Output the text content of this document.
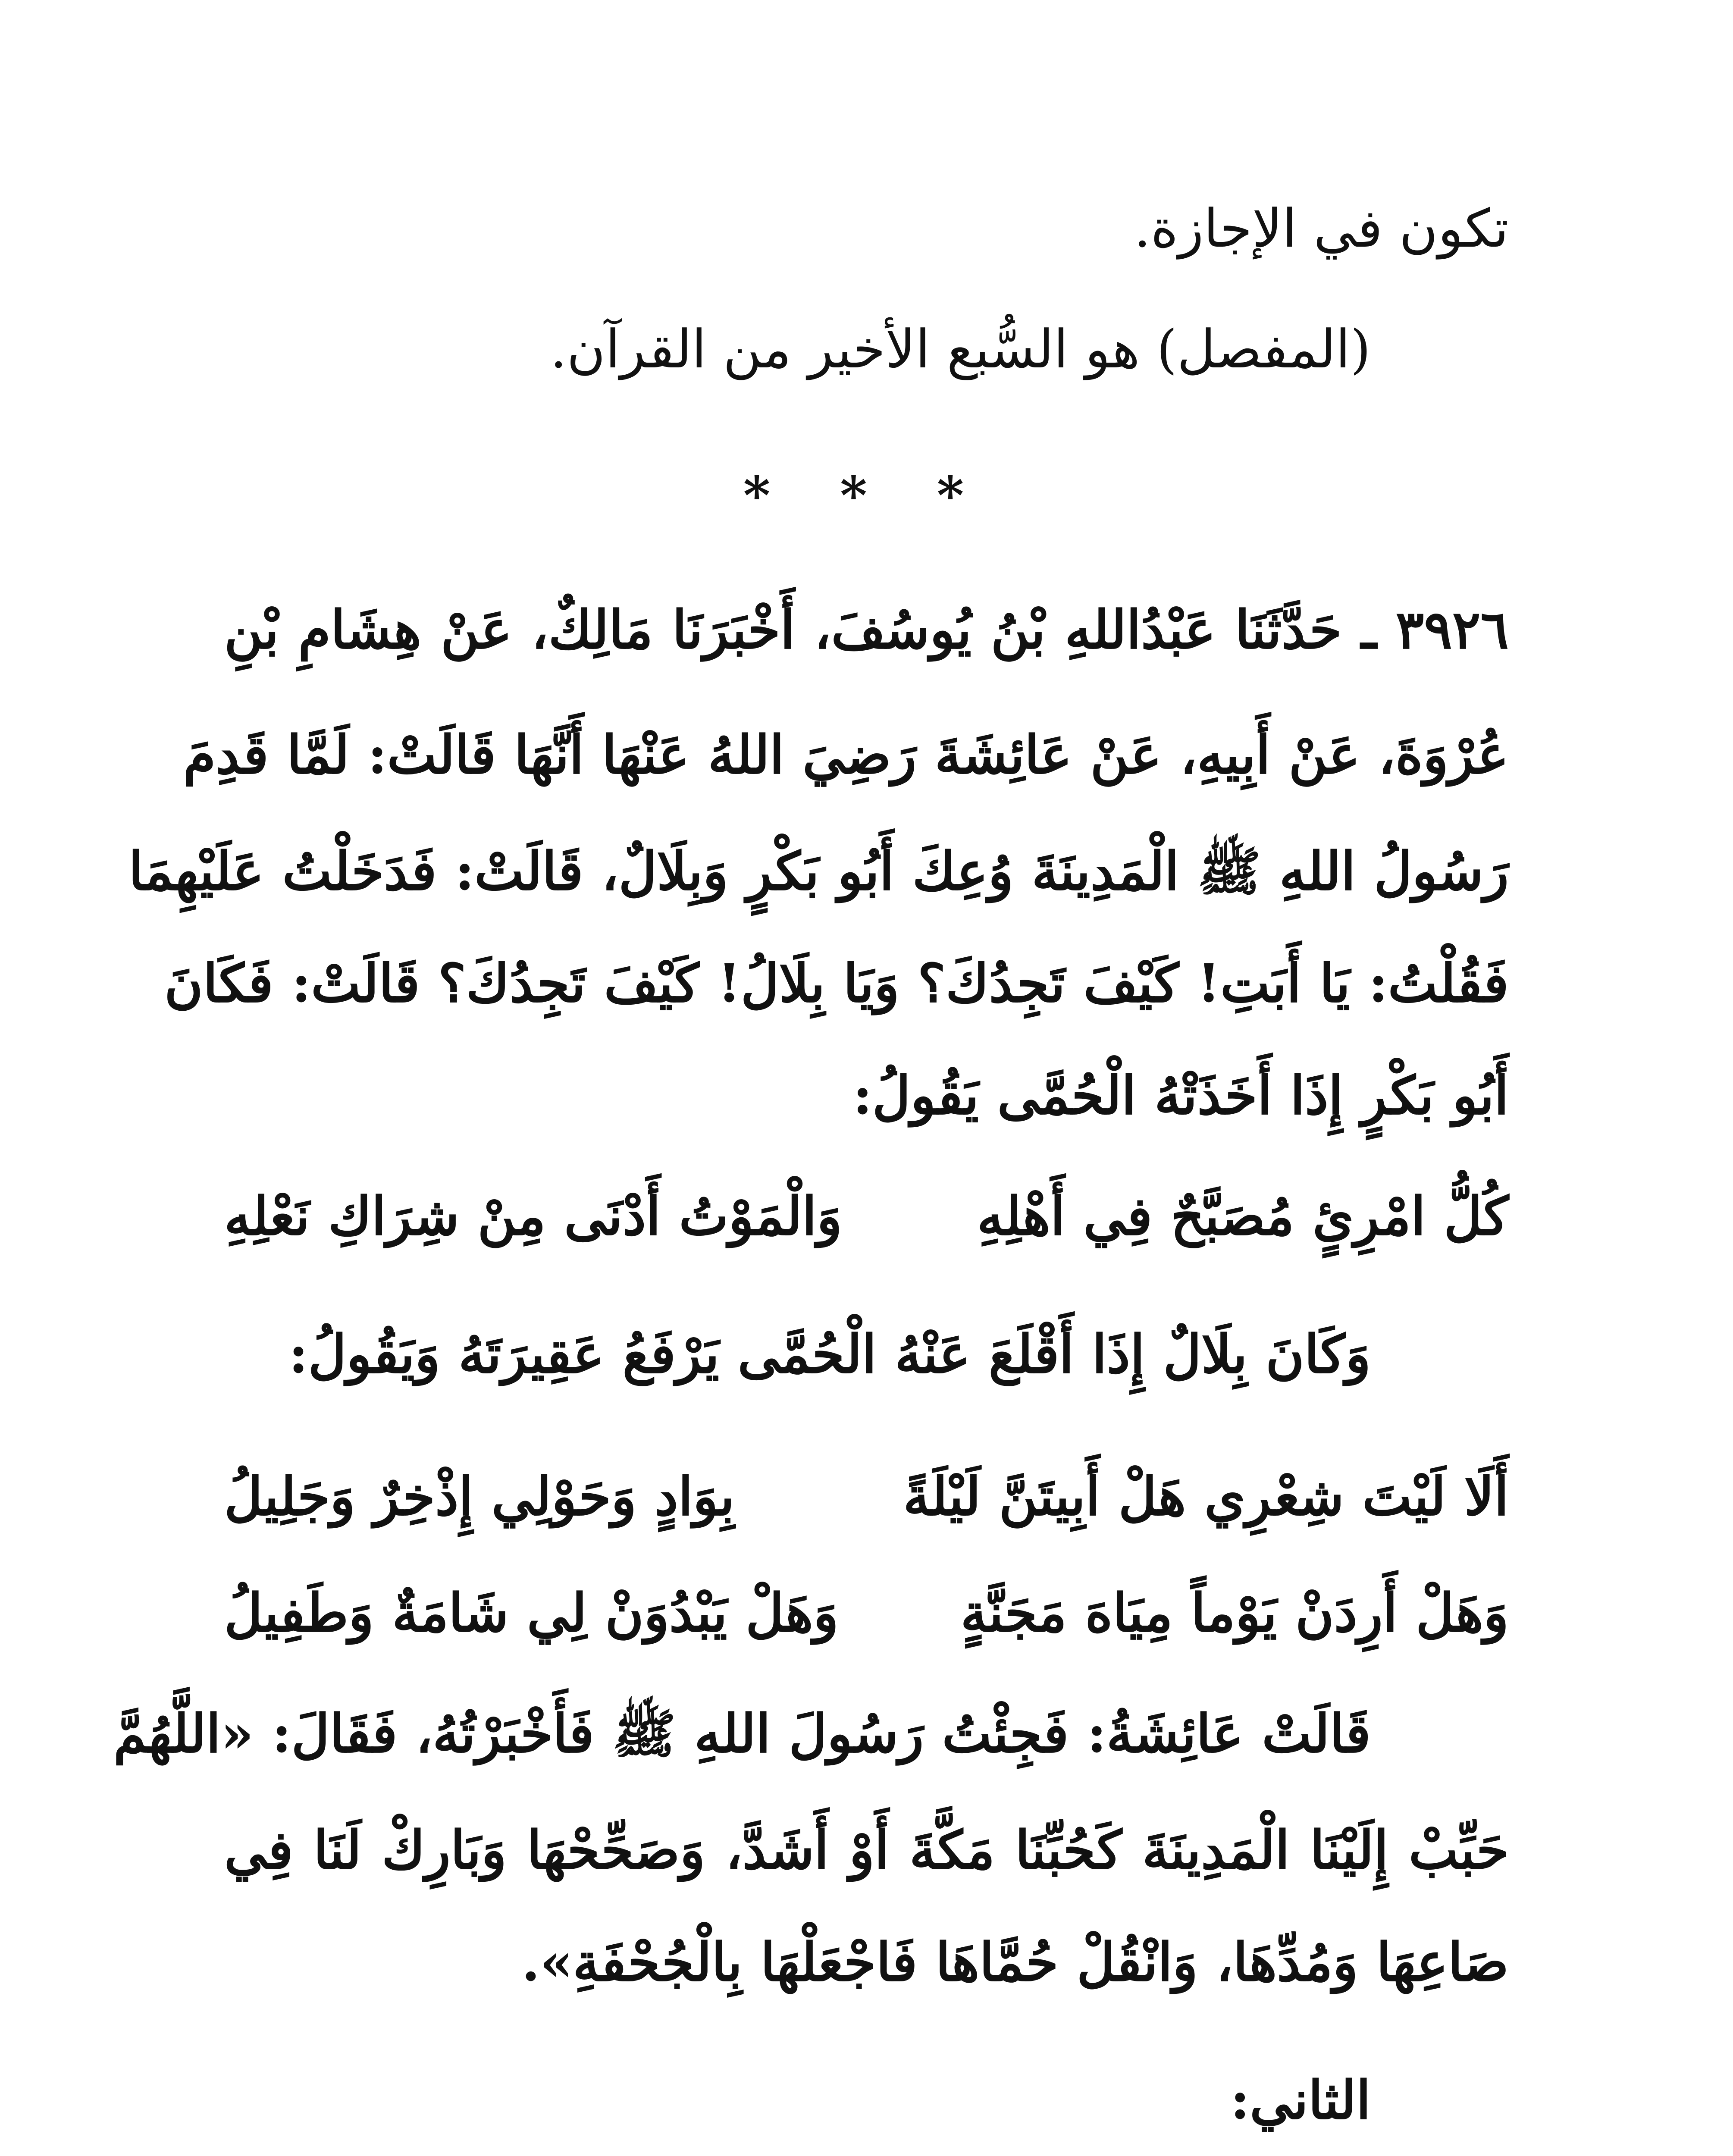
تكون في الإجازة.
(المفصل) هو السُّبع الأخير من القرآن.
* * *
٣٩٢٦ ـ حَدَّثَنَا عَبْدُاللهِ بْنُ يُوسُفَ، أَخْبَرَنَا مَالِكٌ، عَنْ هِشَامِ بْنِ
عُرْوَةَ، عَنْ أَبِيهِ، عَنْ عَائِشَةَ رَضِيَ اللهُ عَنْهَا أَنَّهَا قَالَتْ: لَمَّا قَدِمَ
رَسُولُ اللهِ ﷺ الْمَدِينَةَ وُعِكَ أَبُو بَكْرٍ وَبِلَالٌ، قَالَتْ: فَدَخَلْتُ عَلَيْهِمَا
فَقُلْتُ: يَا أَبَتِ! كَيْفَ تَجِدُكَ؟ وَيَا بِلَالُ! كَيْفَ تَجِدُكَ؟ قَالَتْ: فَكَانَ
أَبُو بَكْرٍ إِذَا أَخَذَتْهُ الْحُمَّى يَقُولُ:
كُلُّ امْرِئٍ مُصَبَّحٌ فِي أَهْلِهِ
وَالْمَوْتُ أَدْنَى مِنْ شِرَاكِ نَعْلِهِ
وَكَانَ بِلَالٌ إِذَا أَقْلَعَ عَنْهُ الْحُمَّى يَرْفَعُ عَقِيرَتَهُ وَيَقُولُ:
أَلَا لَيْتَ شِعْرِي هَلْ أَبِيتَنَّ لَيْلَةً
بِوَادٍ وَحَوْلِي إِذْخِرٌ وَجَلِيلُ
وَهَلْ أَرِدَنْ يَوْماً مِيَاهَ مَجَنَّةٍ
وَهَلْ يَبْدُوَنْ لِي شَامَةٌ وَطَفِيلُ
قَالَتْ عَائِشَةُ: فَجِئْتُ رَسُولَ اللهِ ﷺ فَأَخْبَرْتُهُ، فَقَالَ: «اللَّهُمَّ
حَبِّبْ إِلَيْنَا الْمَدِينَةَ كَحُبِّنَا مَكَّةَ أَوْ أَشَدَّ، وَصَحِّحْهَا وَبَارِكْ لَنَا فِي
صَاعِهَا وَمُدِّهَا، وَانْقُلْ حُمَّاهَا فَاجْعَلْهَا بِالْجُحْفَةِ».
الثاني:
